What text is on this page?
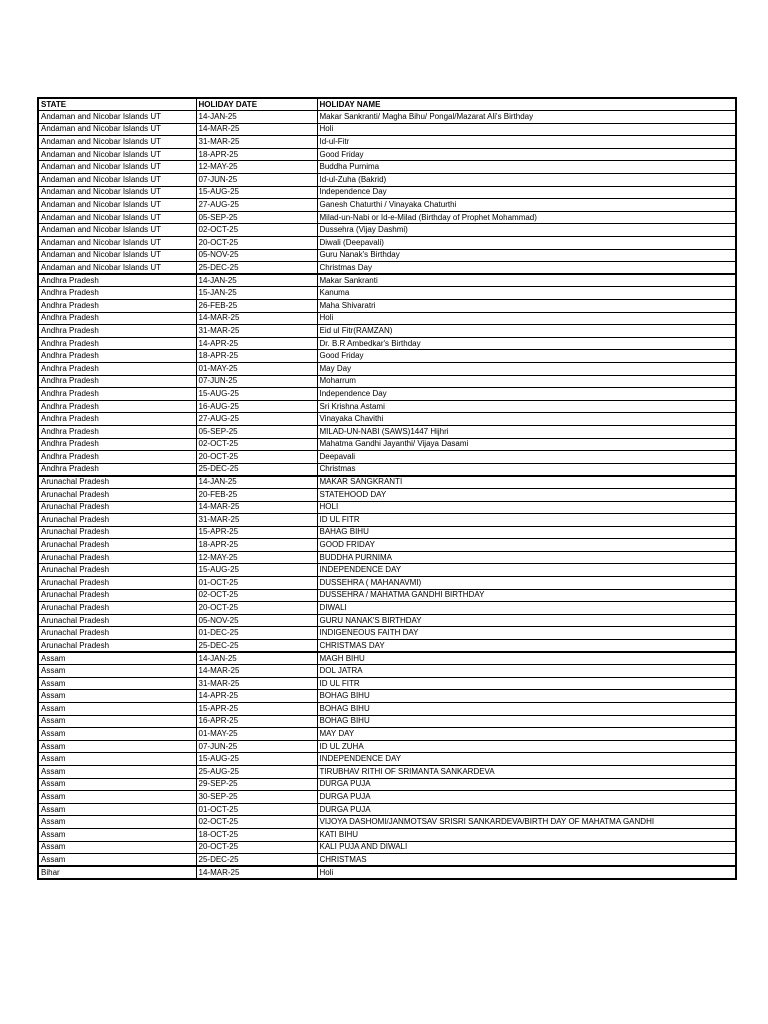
STATE	HOLIDAY DATE	HOLIDAY NAME
Andaman and Nicobar Islands UT	14-JAN-25	Makar Sankranti/ Magha Bihu/ Pongal/Mazarat Ali's Birthday
Andaman and Nicobar Islands UT	14-MAR-25	Holi
Andaman and Nicobar Islands UT	31-MAR-25	Id-ul-Fitr
Andaman and Nicobar Islands UT	18-APR-25	Good Friday
Andaman and Nicobar Islands UT	12-MAY-25	Buddha Purnima
Andaman and Nicobar Islands UT	07-JUN-25	Id-ul-Zuha (Bakrid)
Andaman and Nicobar Islands UT	15-AUG-25	Independence Day
Andaman and Nicobar Islands UT	27-AUG-25	Ganesh Chaturthi / Vinayaka Chaturthi
Andaman and Nicobar Islands UT	05-SEP-25	Milad-un-Nabi or Id-e-Milad (Birthday of Prophet Mohammad)
Andaman and Nicobar Islands UT	02-OCT-25	Dussehra (Vijay Dashmi)
Andaman and Nicobar Islands UT	20-OCT-25	Diwali (Deepavali)
Andaman and Nicobar Islands UT	05-NOV-25	Guru Nanak's Birthday
Andaman and Nicobar Islands UT	25-DEC-25	Christmas Day
Andhra Pradesh	14-JAN-25	Makar Sankranti
Andhra Pradesh	15-JAN-25	Kanuma
Andhra Pradesh	26-FEB-25	Maha Shivaratri
Andhra Pradesh	14-MAR-25	Holi
Andhra Pradesh	31-MAR-25	Eid ul Fitr(RAMZAN)
Andhra Pradesh	14-APR-25	Dr. B.R Ambedkar's Birthday
Andhra Pradesh	18-APR-25	Good Friday
Andhra Pradesh	01-MAY-25	May Day
Andhra Pradesh	07-JUN-25	Moharrum
Andhra Pradesh	15-AUG-25	Independence Day
Andhra Pradesh	16-AUG-25	Sri Krishna Astami
Andhra Pradesh	27-AUG-25	Vinayaka Chavithi
Andhra Pradesh	05-SEP-25	MILAD-UN-NABI (SAWS)1447 Hijhri
Andhra Pradesh	02-OCT-25	Mahatma Gandhi Jayanthi/ Vijaya Dasami
Andhra Pradesh	20-OCT-25	Deepavali
Andhra Pradesh	25-DEC-25	Christmas
Arunachal Pradesh	14-JAN-25	MAKAR SANGKRANTI
Arunachal Pradesh	20-FEB-25	STATEHOOD DAY
Arunachal Pradesh	14-MAR-25	HOLI
Arunachal Pradesh	31-MAR-25	ID UL FITR
Arunachal Pradesh	15-APR-25	BAHAG BIHU
Arunachal Pradesh	18-APR-25	GOOD FRIDAY
Arunachal Pradesh	12-MAY-25	BUDDHA PURNIMA
Arunachal Pradesh	15-AUG-25	INDEPENDENCE DAY
Arunachal Pradesh	01-OCT-25	DUSSEHRA ( MAHANAVMI)
Arunachal Pradesh	02-OCT-25	DUSSEHRA / MAHATMA GANDHI BIRTHDAY
Arunachal Pradesh	20-OCT-25	DIWALI
Arunachal Pradesh	05-NOV-25	GURU NANAK'S BIRTHDAY
Arunachal Pradesh	01-DEC-25	INDIGENEOUS FAITH DAY
Arunachal Pradesh	25-DEC-25	CHRISTMAS DAY
Assam	14-JAN-25	MAGH BIHU
Assam	14-MAR-25	DOL JATRA
Assam	31-MAR-25	ID UL FITR
Assam	14-APR-25	BOHAG BIHU
Assam	15-APR-25	BOHAG BIHU
Assam	16-APR-25	BOHAG BIHU
Assam	01-MAY-25	MAY DAY
Assam	07-JUN-25	ID UL ZUHA
Assam	15-AUG-25	INDEPENDENCE DAY
Assam	25-AUG-25	TIRUBHAV RITHI OF SRIMANTA SANKARDEVA
Assam	29-SEP-25	DURGA PUJA
Assam	30-SEP-25	DURGA PUJA
Assam	01-OCT-25	DURGA PUJA
Assam	02-OCT-25	VIJOYA DASHOMI/JANMOTSAV SRISRI SANKARDEVA/BIRTH DAY OF MAHATMA GANDHI
Assam	18-OCT-25	KATI BIHU
Assam	20-OCT-25	KALI PUJA AND DIWALI
Assam	25-DEC-25	CHRISTMAS
Bihar	14-MAR-25	Holi
